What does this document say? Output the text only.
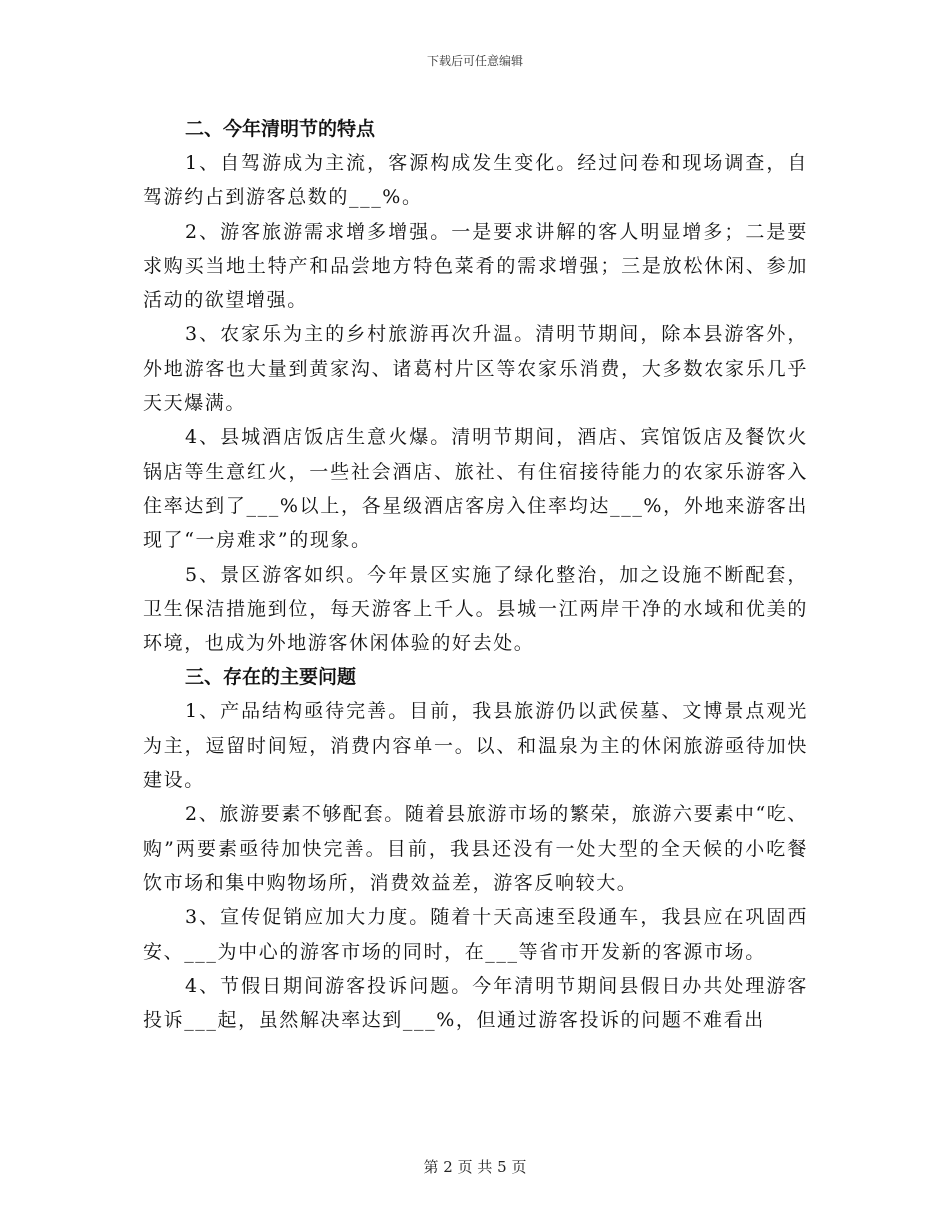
下载后可任意编辑

二、今年清明节的特点

1、自驾游成为主流，客源构成发生变化。经过问卷和现场调查，自驾游约占到游客总数的___%。

2、游客旅游需求增多增强。一是要求讲解的客人明显增多；二是要求购买当地土特产和品尝地方特色菜肴的需求增强；三是放松休闲、参加活动的欲望增强。

3、农家乐为主的乡村旅游再次升温。清明节期间，除本县游客外，外地游客也大量到黄家沟、诸葛村片区等农家乐消费，大多数农家乐几乎天天爆满。

4、县城酒店饭店生意火爆。清明节期间，酒店、宾馆饭店及餐饮火锅店等生意红火，一些社会酒店、旅社、有住宿接待能力的农家乐游客入住率达到了___%以上，各星级酒店客房入住率均达___%，外地来游客出现了“一房难求”的现象。

5、景区游客如织。今年景区实施了绿化整治，加之设施不断配套，卫生保洁措施到位，每天游客上千人。县城一江两岸干净的水域和优美的环境，也成为外地游客休闲体验的好去处。

三、存在的主要问题

1、产品结构亟待完善。目前，我县旅游仍以武侯墓、文博景点观光为主，逗留时间短，消费内容单一。以、和温泉为主的休闲旅游亟待加快建设。

2、旅游要素不够配套。随着县旅游市场的繁荣，旅游六要素中“吃、购”两要素亟待加快完善。目前，我县还没有一处大型的全天候的小吃餐饮市场和集中购物场所，消费效益差，游客反响较大。

3、宣传促销应加大力度。随着十天高速至段通车，我县应在巩固西安、___为中心的游客市场的同时，在___等省市开发新的客源市场。

4、节假日期间游客投诉问题。今年清明节期间县假日办共处理游客投诉___起，虽然解决率达到___%，但通过游客投诉的问题不难看出

第 2 页 共 5 页
